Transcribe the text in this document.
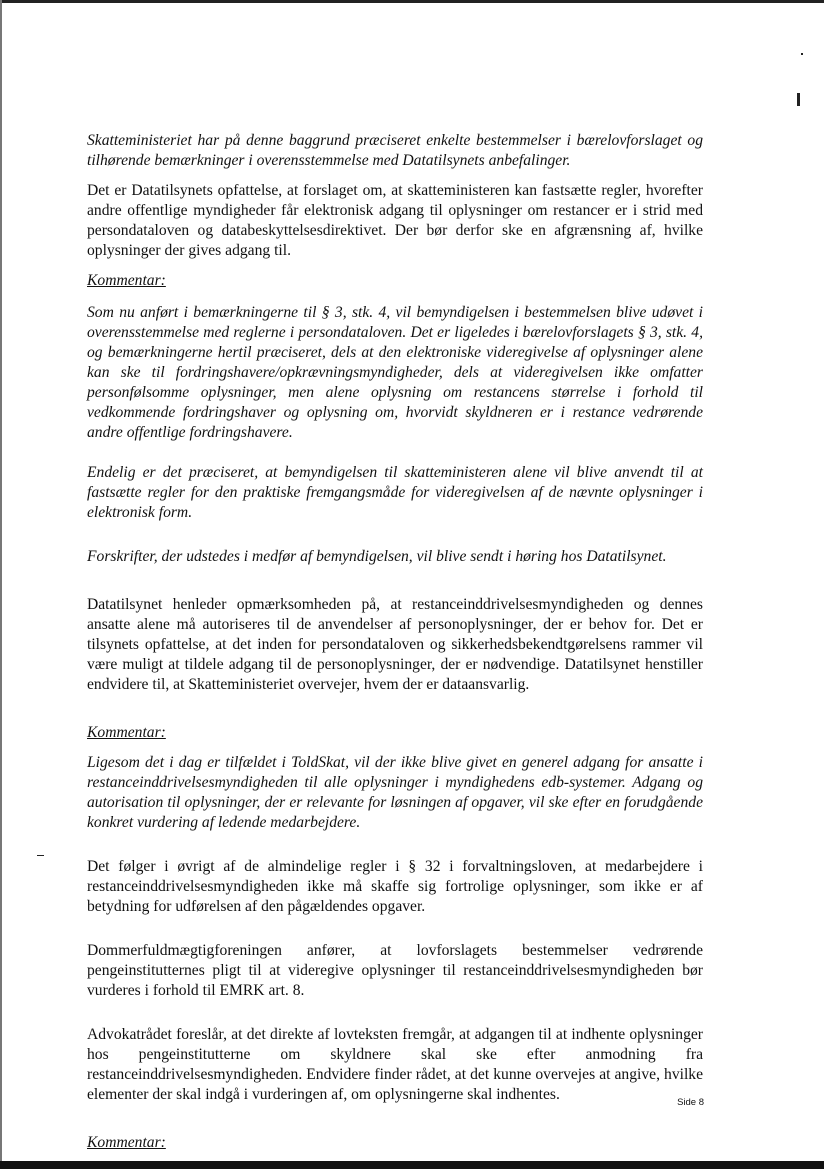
Skatteministeriet har på denne baggrund præciseret enkelte bestemmelser i bærelovforslaget og tilhørende bemærkninger i overensstemmelse med Datatilsynets anbefalinger.

Det er Datatilsynets opfattelse, at forslaget om, at skatteministeren kan fastsætte regler, hvorefter andre offentlige myndigheder får elektronisk adgang til oplysninger om restancer er i strid med persondataloven og databeskyttelsesdirektivet. Der bør derfor ske en afgrænsning af, hvilke oplysninger der gives adgang til.

Kommentar:

Som nu anført i bemærkningerne til § 3, stk. 4, vil bemyndigelsen i bestemmelsen blive udøvet i overensstemmelse med reglerne i persondataloven. Det er ligeledes i bærelovforslagets § 3, stk. 4, og bemærkningerne hertil præciseret, dels at den elektroniske videregivelse af oplysninger alene kan ske til fordringshavere/opkrævningsmyndigheder, dels at videregivelsen ikke omfatter personfølsomme oplysninger, men alene oplysning om restancens størrelse i forhold til vedkommende fordringshaver og oplysning om, hvorvidt skyldneren er i restance vedrørende andre offentlige fordringshavere.

Endelig er det præciseret, at bemyndigelsen til skatteministeren alene vil blive anvendt til at fastsætte regler for den praktiske fremgangsmåde for videregivelsen af de nævnte oplysninger i elektronisk form.

Forskrifter, der udstedes i medfør af bemyndigelsen, vil blive sendt i høring hos Datatilsynet.

Datatilsynet henleder opmærksomheden på, at restanceinddrivelsesmyndigheden og dennes ansatte alene må autoriseres til de anvendelser af personoplysninger, der er behov for. Det er tilsynets opfattelse, at det inden for persondataloven og sikkerhedsbekendtgørelsens rammer vil være muligt at tildele adgang til de personoplysninger, der er nødvendige. Datatilsynet henstiller endvidere til, at Skatteministeriet overvejer, hvem der er dataansvarlig.

Kommentar:

Ligesom det i dag er tilfældet i ToldSkat, vil der ikke blive givet en generel adgang for ansatte i restanceinddrivelsesmyndigheden til alle oplysninger i myndighedens edb-systemer. Adgang og autorisation til oplysninger, der er relevante for løsningen af opgaver, vil ske efter en forudgående konkret vurdering af ledende medarbejdere.

Det følger i øvrigt af de almindelige regler i § 32 i forvaltningsloven, at medarbejdere i restanceinddrivelsesmyndigheden ikke må skaffe sig fortrolige oplysninger, som ikke er af betydning for udførelsen af den pågældendes opgaver.

Dommerfuldmægtigforeningen anfører, at lovforslagets bestemmelser vedrørende pengeinstitutternes pligt til at videregive oplysninger til restanceinddrivelsesmyndigheden bør vurderes i forhold til EMRK art. 8.

Advokatrådet foreslår, at det direkte af lovteksten fremgår, at adgangen til at indhente oplysninger hos pengeinstitutterne om skyldnere skal ske efter anmodning fra restanceinddrivelsesmyndigheden. Endvidere finder rådet, at det kunne overvejes at angive, hvilke elementer der skal indgå i vurderingen af, om oplysningerne skal indhentes.

Kommentar:

Side 8
